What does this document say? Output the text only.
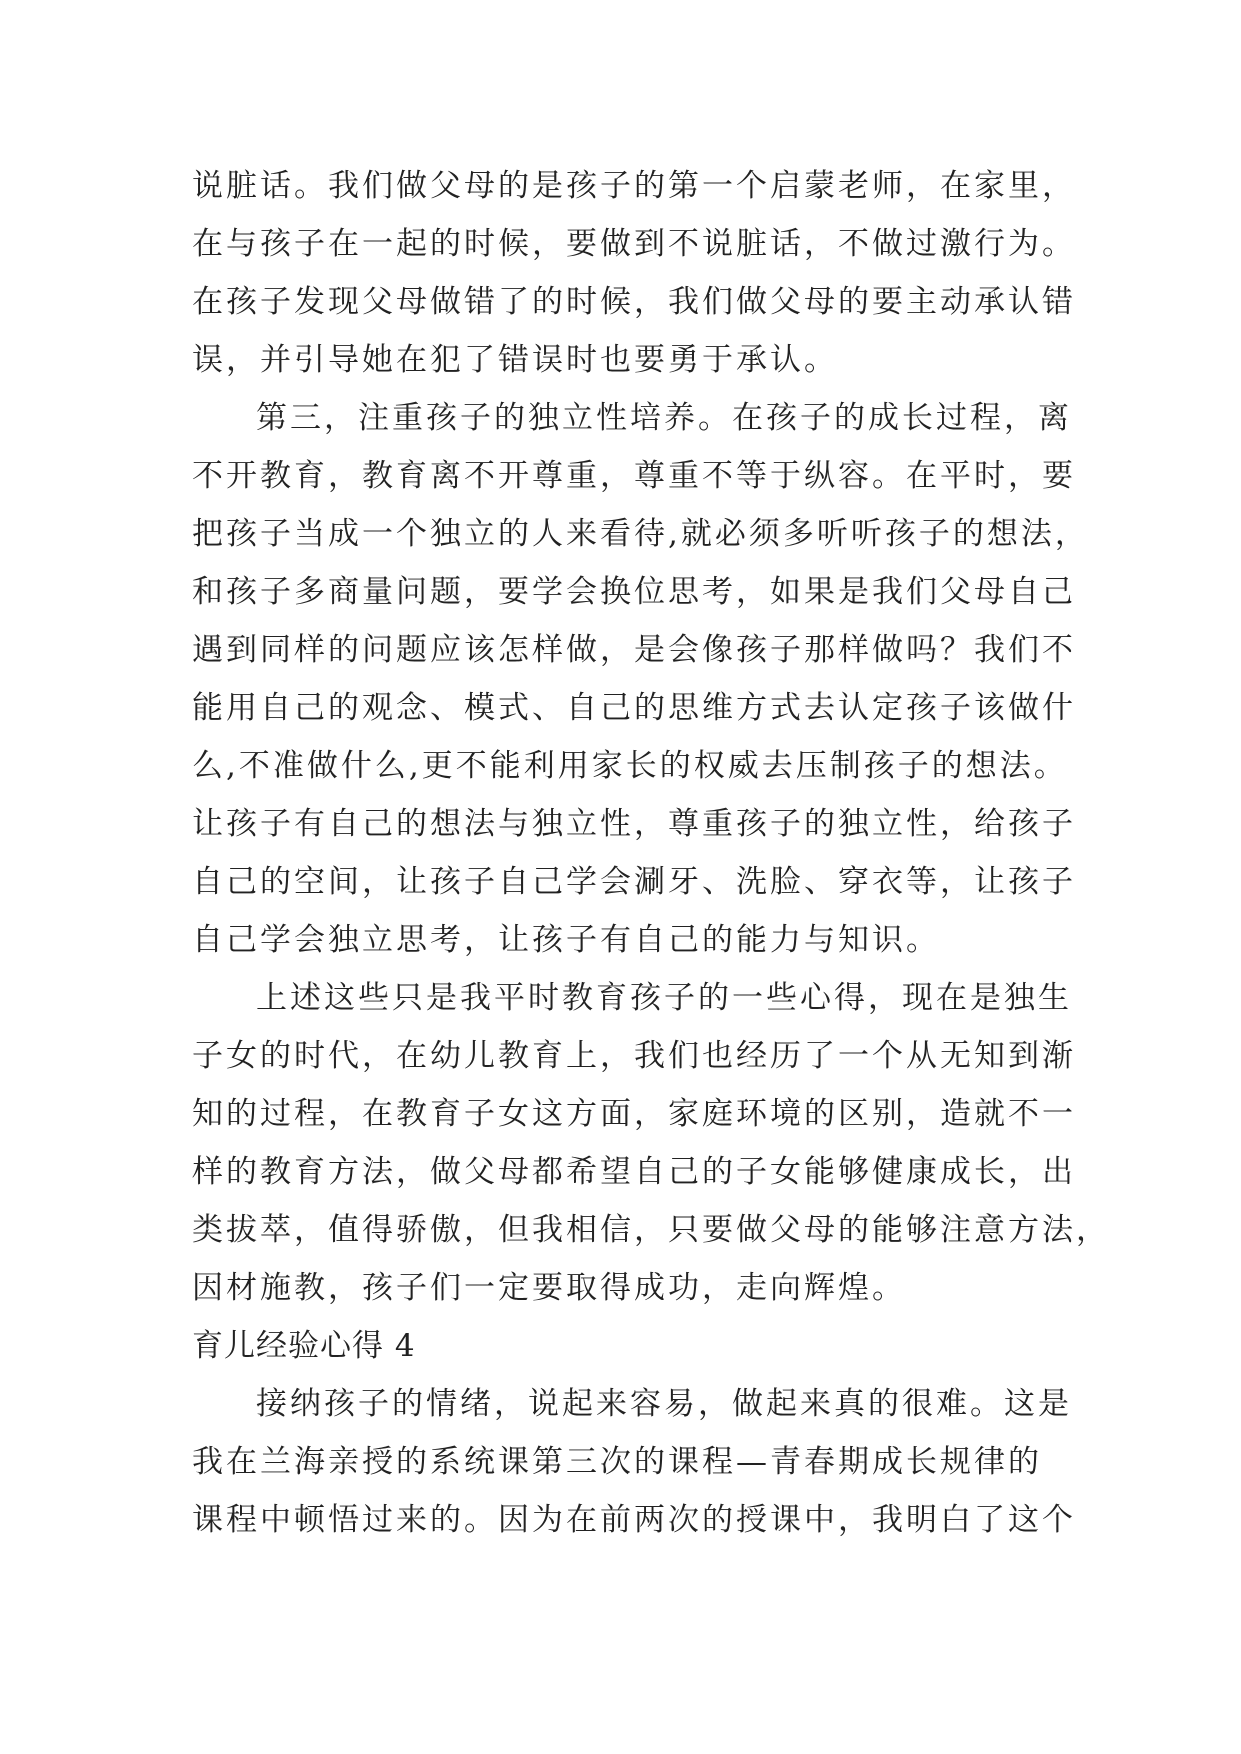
说脏话。我们做父母的是孩子的第一个启蒙老师，在家里，
在与孩子在一起的时候，要做到不说脏话，不做过激行为。
在孩子发现父母做错了的时候，我们做父母的要主动承认错
误，并引导她在犯了错误时也要勇于承认。
第三，注重孩子的独立性培养。在孩子的成长过程，离
不开教育，教育离不开尊重，尊重不等于纵容。在平时，要
把孩子当成一个独立的人来看待,就必须多听听孩子的想法，
和孩子多商量问题，要学会换位思考，如果是我们父母自己
遇到同样的问题应该怎样做，是会像孩子那样做吗？我们不
能用自己的观念、模式、自己的思维方式去认定孩子该做什
么,不准做什么,更不能利用家长的权威去压制孩子的想法。
让孩子有自己的想法与独立性，尊重孩子的独立性，给孩子
自己的空间，让孩子自己学会涮牙、洗脸、穿衣等，让孩子
自己学会独立思考，让孩子有自己的能力与知识。
上述这些只是我平时教育孩子的一些心得，现在是独生
子女的时代，在幼儿教育上，我们也经历了一个从无知到渐
知的过程，在教育子女这方面，家庭环境的区别，造就不一
样的教育方法，做父母都希望自己的子女能够健康成长，出
类拔萃，值得骄傲，但我相信，只要做父母的能够注意方法，
因材施教，孩子们一定要取得成功，走向辉煌。
育儿经验心得 4
接纳孩子的情绪，说起来容易，做起来真的很难。这是
我在兰海亲授的系统课第三次的课程—青春期成长规律的
课程中顿悟过来的。因为在前两次的授课中，我明白了这个
